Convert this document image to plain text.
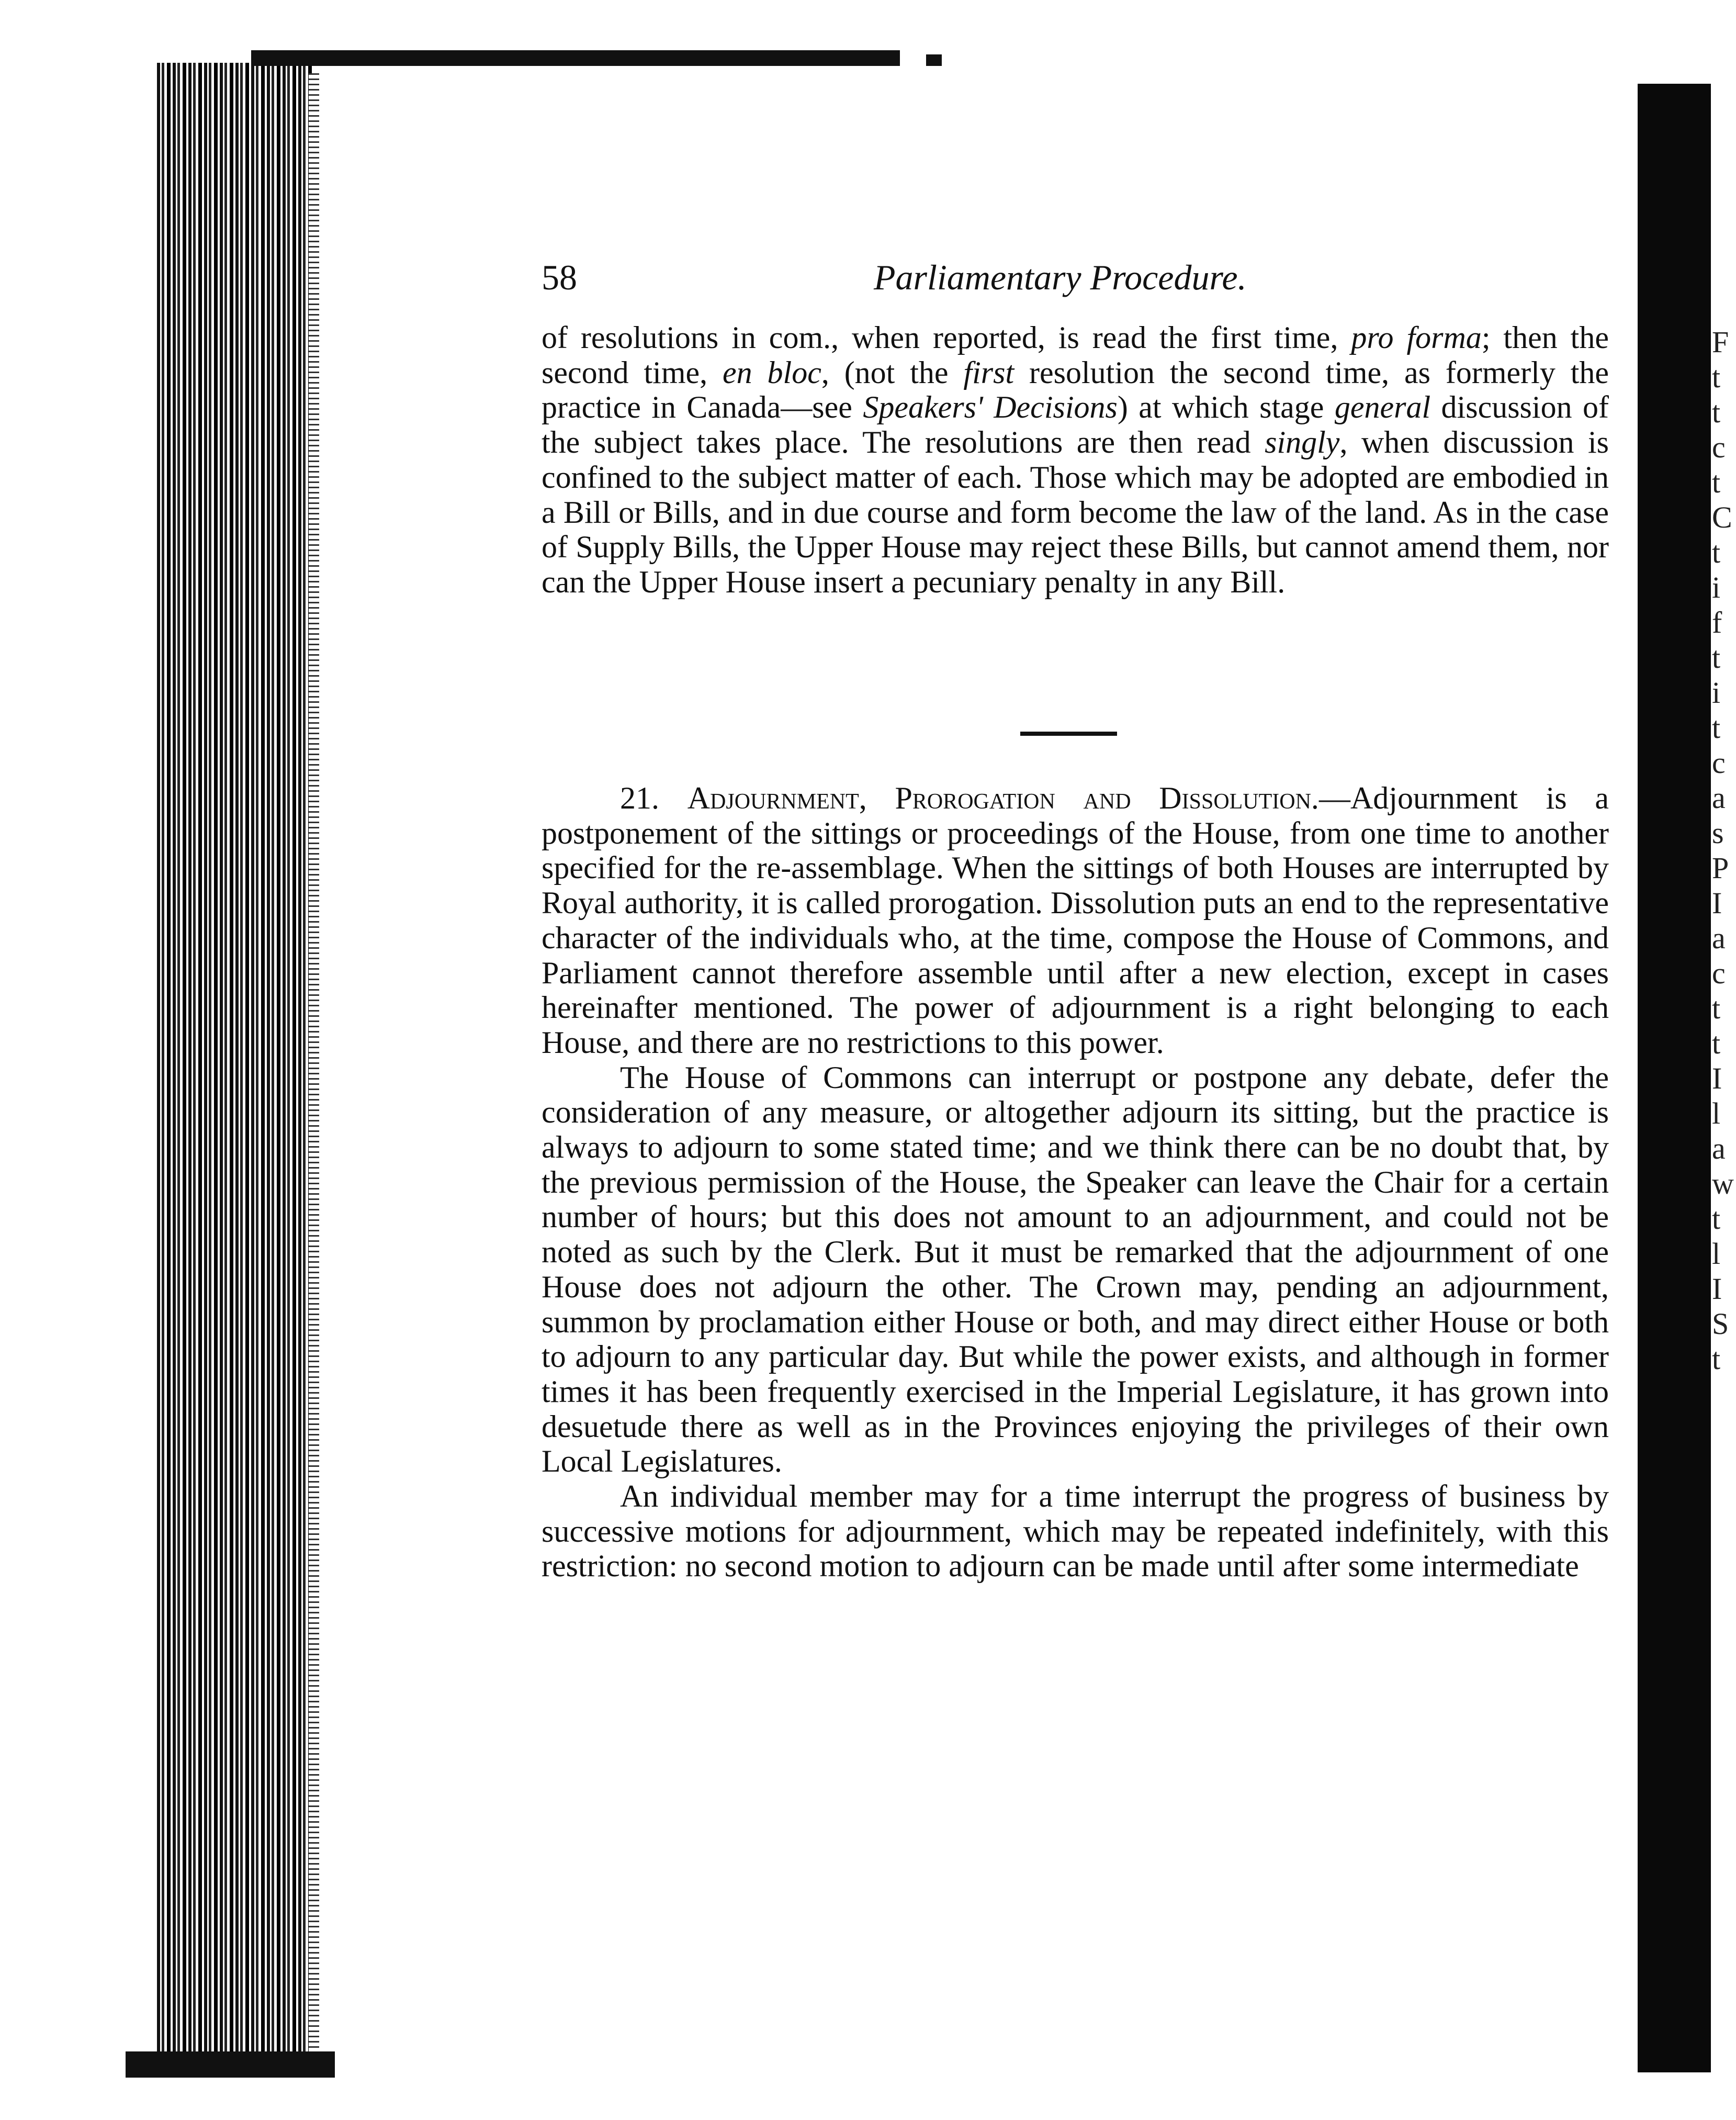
F
t
t
c
t
C
t
i
f
t
i
t
c
a
s
P
I
a
c
t
t
I
l
a
w
t
l
I
S
t
58	Parliamentary Procedure.

of resolutions in com., when reported, is read the first time, pro forma; then the second time, en bloc, (not the first resolution the second time, as formerly the practice in Canada—see Speakers' Decisions) at which stage general discussion of the subject takes place. The resolutions are then read singly, when discussion is confined to the subject matter of each. Those which may be adopted are embodied in a Bill or Bills, and in due course and form become the law of the land. As in the case of Supply Bills, the Upper House may reject these Bills, but cannot amend them, nor can the Upper House insert a pecuniary penalty in any Bill.

21. Adjournment, Prorogation and Dissolution.—Adjournment is a postponement of the sittings or proceedings of the House, from one time to another specified for the re-assemblage. When the sittings of both Houses are interrupted by Royal authority, it is called prorogation. Dissolution puts an end to the representative character of the individuals who, at the time, compose the House of Commons, and Parliament cannot therefore assemble until after a new election, except in cases hereinafter mentioned. The power of adjournment is a right belonging to each House, and there are no restrictions to this power.

The House of Commons can interrupt or postpone any debate, defer the consideration of any measure, or altogether adjourn its sitting, but the practice is always to adjourn to some stated time; and we think there can be no doubt that, by the previous permission of the House, the Speaker can leave the Chair for a certain number of hours; but this does not amount to an adjournment, and could not be noted as such by the Clerk. But it must be remarked that the adjournment of one House does not adjourn the other. The Crown may, pending an adjournment, summon by proclamation either House or both, and may direct either House or both to adjourn to any particular day. But while the power exists, and although in former times it has been frequently exercised in the Imperial Legislature, it has grown into desuetude there as well as in the Provinces enjoying the privileges of their own Local Legislatures.

An individual member may for a time interrupt the progress of business by successive motions for adjournment, which may be repeated indefinitely, with this restriction: no second motion to adjourn can be made until after some intermediate
